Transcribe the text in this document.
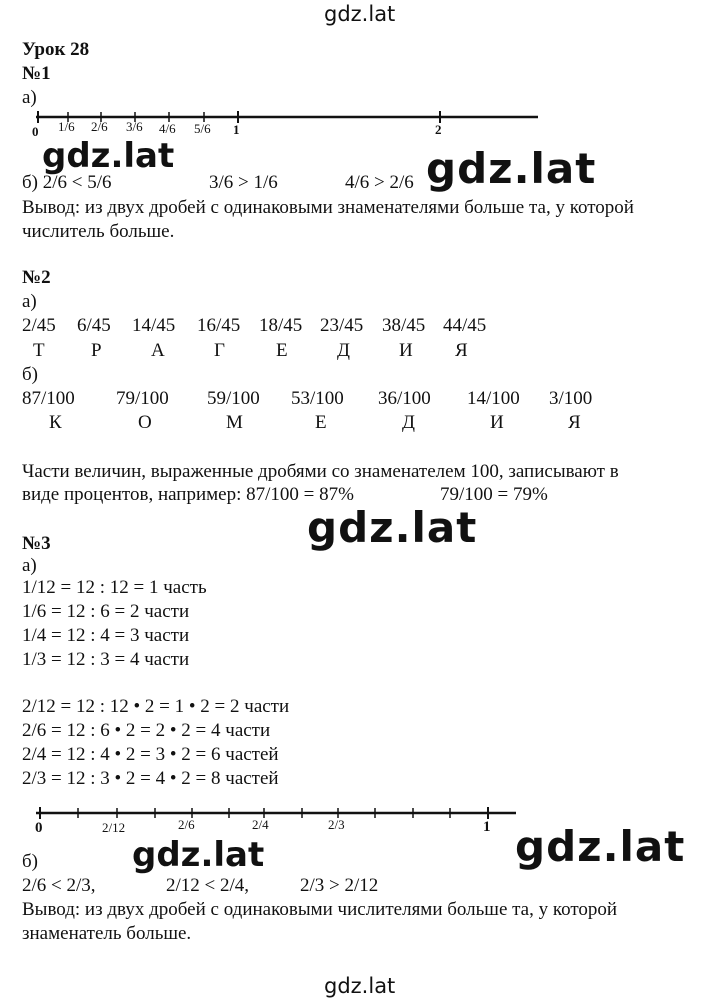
gdz.lat
gdz.lat
Урок 28
№1
а)
0 1/6 2/6 3/6 4/6 5/6 1	2
gdz.lat	gdz.lat
б) 2/6 < 5/6	3/6 > 1/6	4/6 > 2/6
Вывод: из двух дробей с одинаковыми знаменателями больше та, у которой
числитель больше.
№2
а)
2/45 6/45 14/45 16/45 18/45 23/45 38/45 44/45
Т Р	А	Г	Е	Д	И Я
б)
87/100 79/100 59/100 53/100 36/100 14/100 3/100
К	О	М	Е	Д	И	Я
Части величин, выраженные дробями со знаменателем 100, записывают в
виде процентов, например: 87/100 = 87%	79/100 = 79%
gdz.lat
№3
а)
1/12 = 12 : 12 = 1 часть
1/6 = 12 : 6 = 2 части
1/4 = 12 : 4 = 3 части
1/3 = 12 : 3 = 4 части
2/12 = 12 : 12 • 2 = 1 • 2 = 2 части
2/6 = 12 : 6 • 2 = 2 • 2 = 4 части
2/4 = 12 : 4 • 2 = 3 • 2 = 6 частей
2/3 = 12 : 3 • 2 = 4 • 2 = 8 частей
0	2/12	2/6	2/4	2/3	1
gdz.lat	gdz.lat
б)
2/6 < 2/3,	2/12 < 2/4,	2/3 > 2/12
Вывод: из двух дробей с одинаковыми числителями больше та, у которой
знаменатель больше.
